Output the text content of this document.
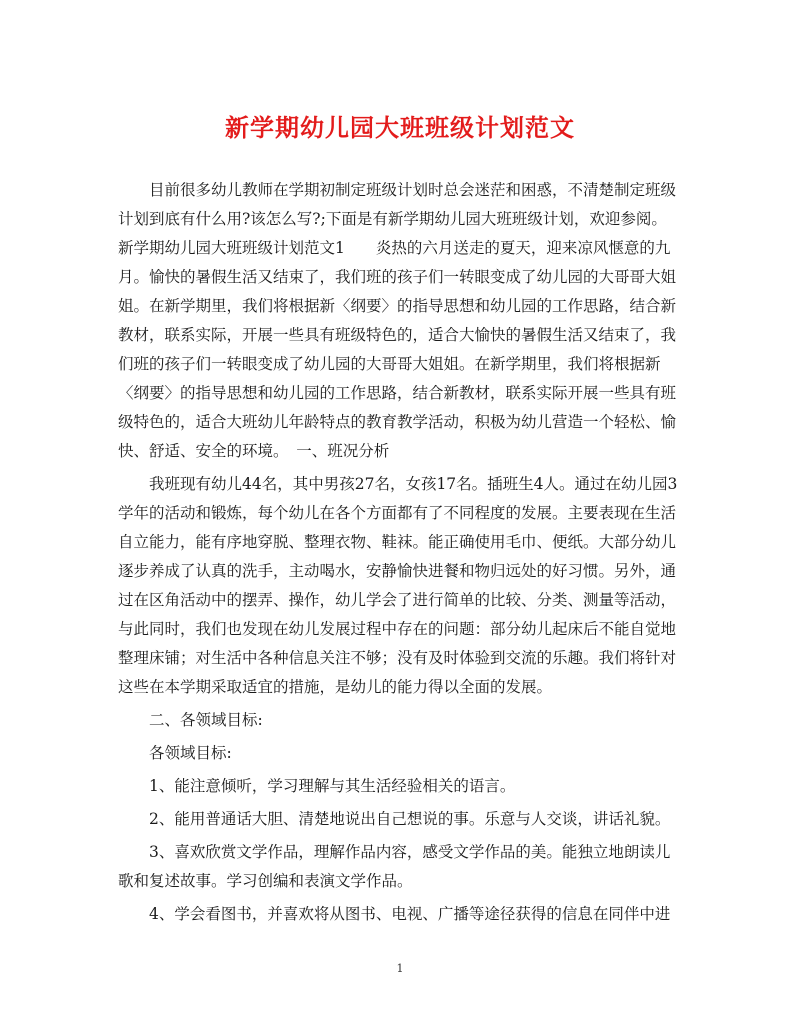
新学期幼儿园大班班级计划范文

目前很多幼儿教师在学期初制定班级计划时总会迷茫和困惑，不清楚制定班级计划到底有什么用?该怎么写?;下面是有新学期幼儿园大班班级计划，欢迎参阅。

新学期幼儿园大班班级计划范文1　　炎热的六月送走的夏天，迎来凉风惬意的九月。愉快的暑假生活又结束了，我们班的孩子们一转眼变成了幼儿园的大哥哥大姐姐。在新学期里，我们将根据新〈纲要〉的指导思想和幼儿园的工作思路，结合新教材，联系实际，开展一些具有班级特色的，适合大愉快的暑假生活又结束了，我们班的孩子们一转眼变成了幼儿园的大哥哥大姐姐。在新学期里，我们将根据新〈纲要〉的指导思想和幼儿园的工作思路，结合新教材，联系实际开展一些具有班级特色的，适合大班幼儿年龄特点的教育教学活动，积极为幼儿营造一个轻松、愉快、舒适、安全的环境。　一、班况分析

我班现有幼儿44名，其中男孩27名，女孩17名。插班生4人。通过在幼儿园3学年的活动和锻炼，每个幼儿在各个方面都有了不同程度的发展。主要表现在生活自立能力，能有序地穿脱、整理衣物、鞋袜。能正确使用毛巾、便纸。大部分幼儿逐步养成了认真的洗手，主动喝水，安静愉快进餐和物归远处的好习惯。另外，通过在区角活动中的摆弄、操作，幼儿学会了进行简单的比较、分类、测量等活动，与此同时，我们也发现在幼儿发展过程中存在的问题：部分幼儿起床后不能自觉地整理床铺；对生活中各种信息关注不够；没有及时体验到交流的乐趣。我们将针对这些在本学期采取适宜的措施，是幼儿的能力得以全面的发展。

二、各领域目标:

各领域目标:

1、能注意倾听，学习理解与其生活经验相关的语言。

2、能用普通话大胆、清楚地说出自己想说的事。乐意与人交谈，讲话礼貌。

3、喜欢欣赏文学作品，理解作品内容，感受文学作品的美。能独立地朗读儿歌和复述故事。学习创编和表演文学作品。

4、学会看图书，并喜欢将从图书、电视、广播等途径获得的信息在同伴中进

1
